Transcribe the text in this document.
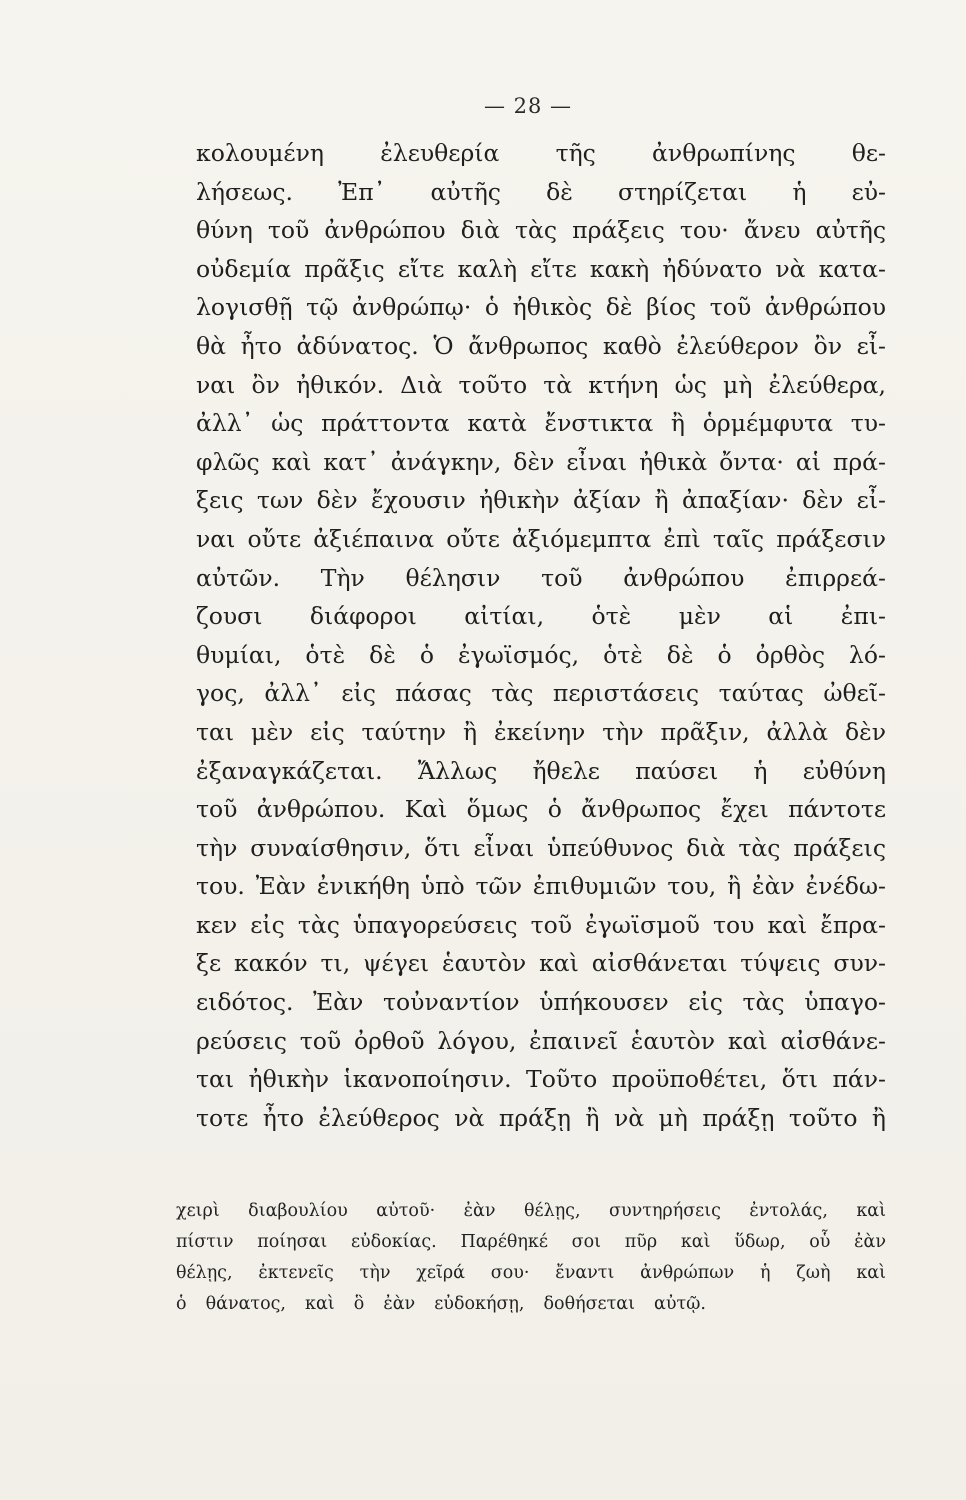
— 28 —
κολουμένη ἐλευθερία τῆς ἀνθρωπίνης θε-
λήσεως. Ἐπ᾽ αὐτῆς δὲ στηρίζεται ἡ εὐ-
θύνη τοῦ ἀνθρώπου διὰ τὰς πράξεις του· ἄνευ αὐτῆς
οὐδεμία πρᾶξις εἴτε καλὴ εἴτε κακὴ ἠδύνατο νὰ κατα-
λογισθῇ τῷ ἀνθρώπῳ· ὁ ἠθικὸς δὲ βίος τοῦ ἀνθρώπου
θὰ ἦτο ἀδύνατος. Ὁ ἄνθρωπος καθὸ ἐλεύθερον ὂν εἶ-
ναι ὂν ἠθικόν. Διὰ τοῦτο τὰ κτήνη ὡς μὴ ἐλεύθερα,
ἀλλ᾽ ὡς πράττοντα κατὰ ἔνστικτα ἢ ὁρμέμφυτα τυ-
φλῶς καὶ κατ᾽ ἀνάγκην, δὲν εἶναι ἠθικὰ ὄντα· αἱ πρά-
ξεις των δὲν ἔχουσιν ἠθικὴν ἀξίαν ἢ ἀπαξίαν· δὲν εἶ-
ναι οὔτε ἀξιέπαινα οὔτε ἀξιόμεμπτα ἐπὶ ταῖς πράξεσιν
αὐτῶν. Τὴν θέλησιν τοῦ ἀνθρώπου ἐπιρρεά-
ζουσι διάφοροι αἰτίαι, ὁτὲ μὲν αἱ ἐπι-
θυμίαι, ὁτὲ δὲ ὁ ἐγωϊσμός, ὁτὲ δὲ ὁ ὀρθὸς λό-
γος, ἀλλ᾽ εἰς πάσας τὰς περιστάσεις ταύτας ὠθεῖ-
ται μὲν εἰς ταύτην ἢ ἐκείνην τὴν πρᾶξιν, ἀλλὰ δὲν
ἐξαναγκάζεται. Ἄλλως ἤθελε παύσει ἡ εὐθύνη
τοῦ ἀνθρώπου. Καὶ ὅμως ὁ ἄνθρωπος ἔχει πάντοτε
τὴν συναίσθησιν, ὅτι εἶναι ὑπεύθυνος διὰ τὰς πράξεις
του. Ἐὰν ἐνικήθη ὑπὸ τῶν ἐπιθυμιῶν του, ἢ ἐὰν ἐνέδω-
κεν εἰς τὰς ὑπαγορεύσεις τοῦ ἐγωϊσμοῦ του καὶ ἔπρα-
ξε κακόν τι, ψέγει ἑαυτὸν καὶ αἰσθάνεται τύψεις συν-
ειδότος. Ἐὰν τοὐναντίον ὑπήκουσεν εἰς τὰς ὑπαγο-
ρεύσεις τοῦ ὀρθοῦ λόγου, ἐπαινεῖ ἑαυτὸν καὶ αἰσθάνε-
ται ἠθικὴν ἱκανοποίησιν. Τοῦτο προϋποθέτει, ὅτι πάν-
τοτε ἦτο ἐλεύθερος νὰ πράξῃ ἢ νὰ μὴ πράξῃ τοῦτο ἢ
χειρὶ διαβουλίου αὐτοῦ· ἐὰν θέλῃς, συντηρήσεις ἐντολάς, καὶ
πίστιν ποίησαι εὐδοκίας. Παρέθηκέ σοι πῦρ καὶ ὕδωρ, οὗ ἐὰν
θέλῃς, ἐκτενεῖς τὴν χεῖρά σου· ἔναντι ἀνθρώπων ἡ ζωὴ καὶ
ὁ θάνατος, καὶ ὃ ἐὰν εὐδοκήσῃ, δοθήσεται αὐτῷ.
